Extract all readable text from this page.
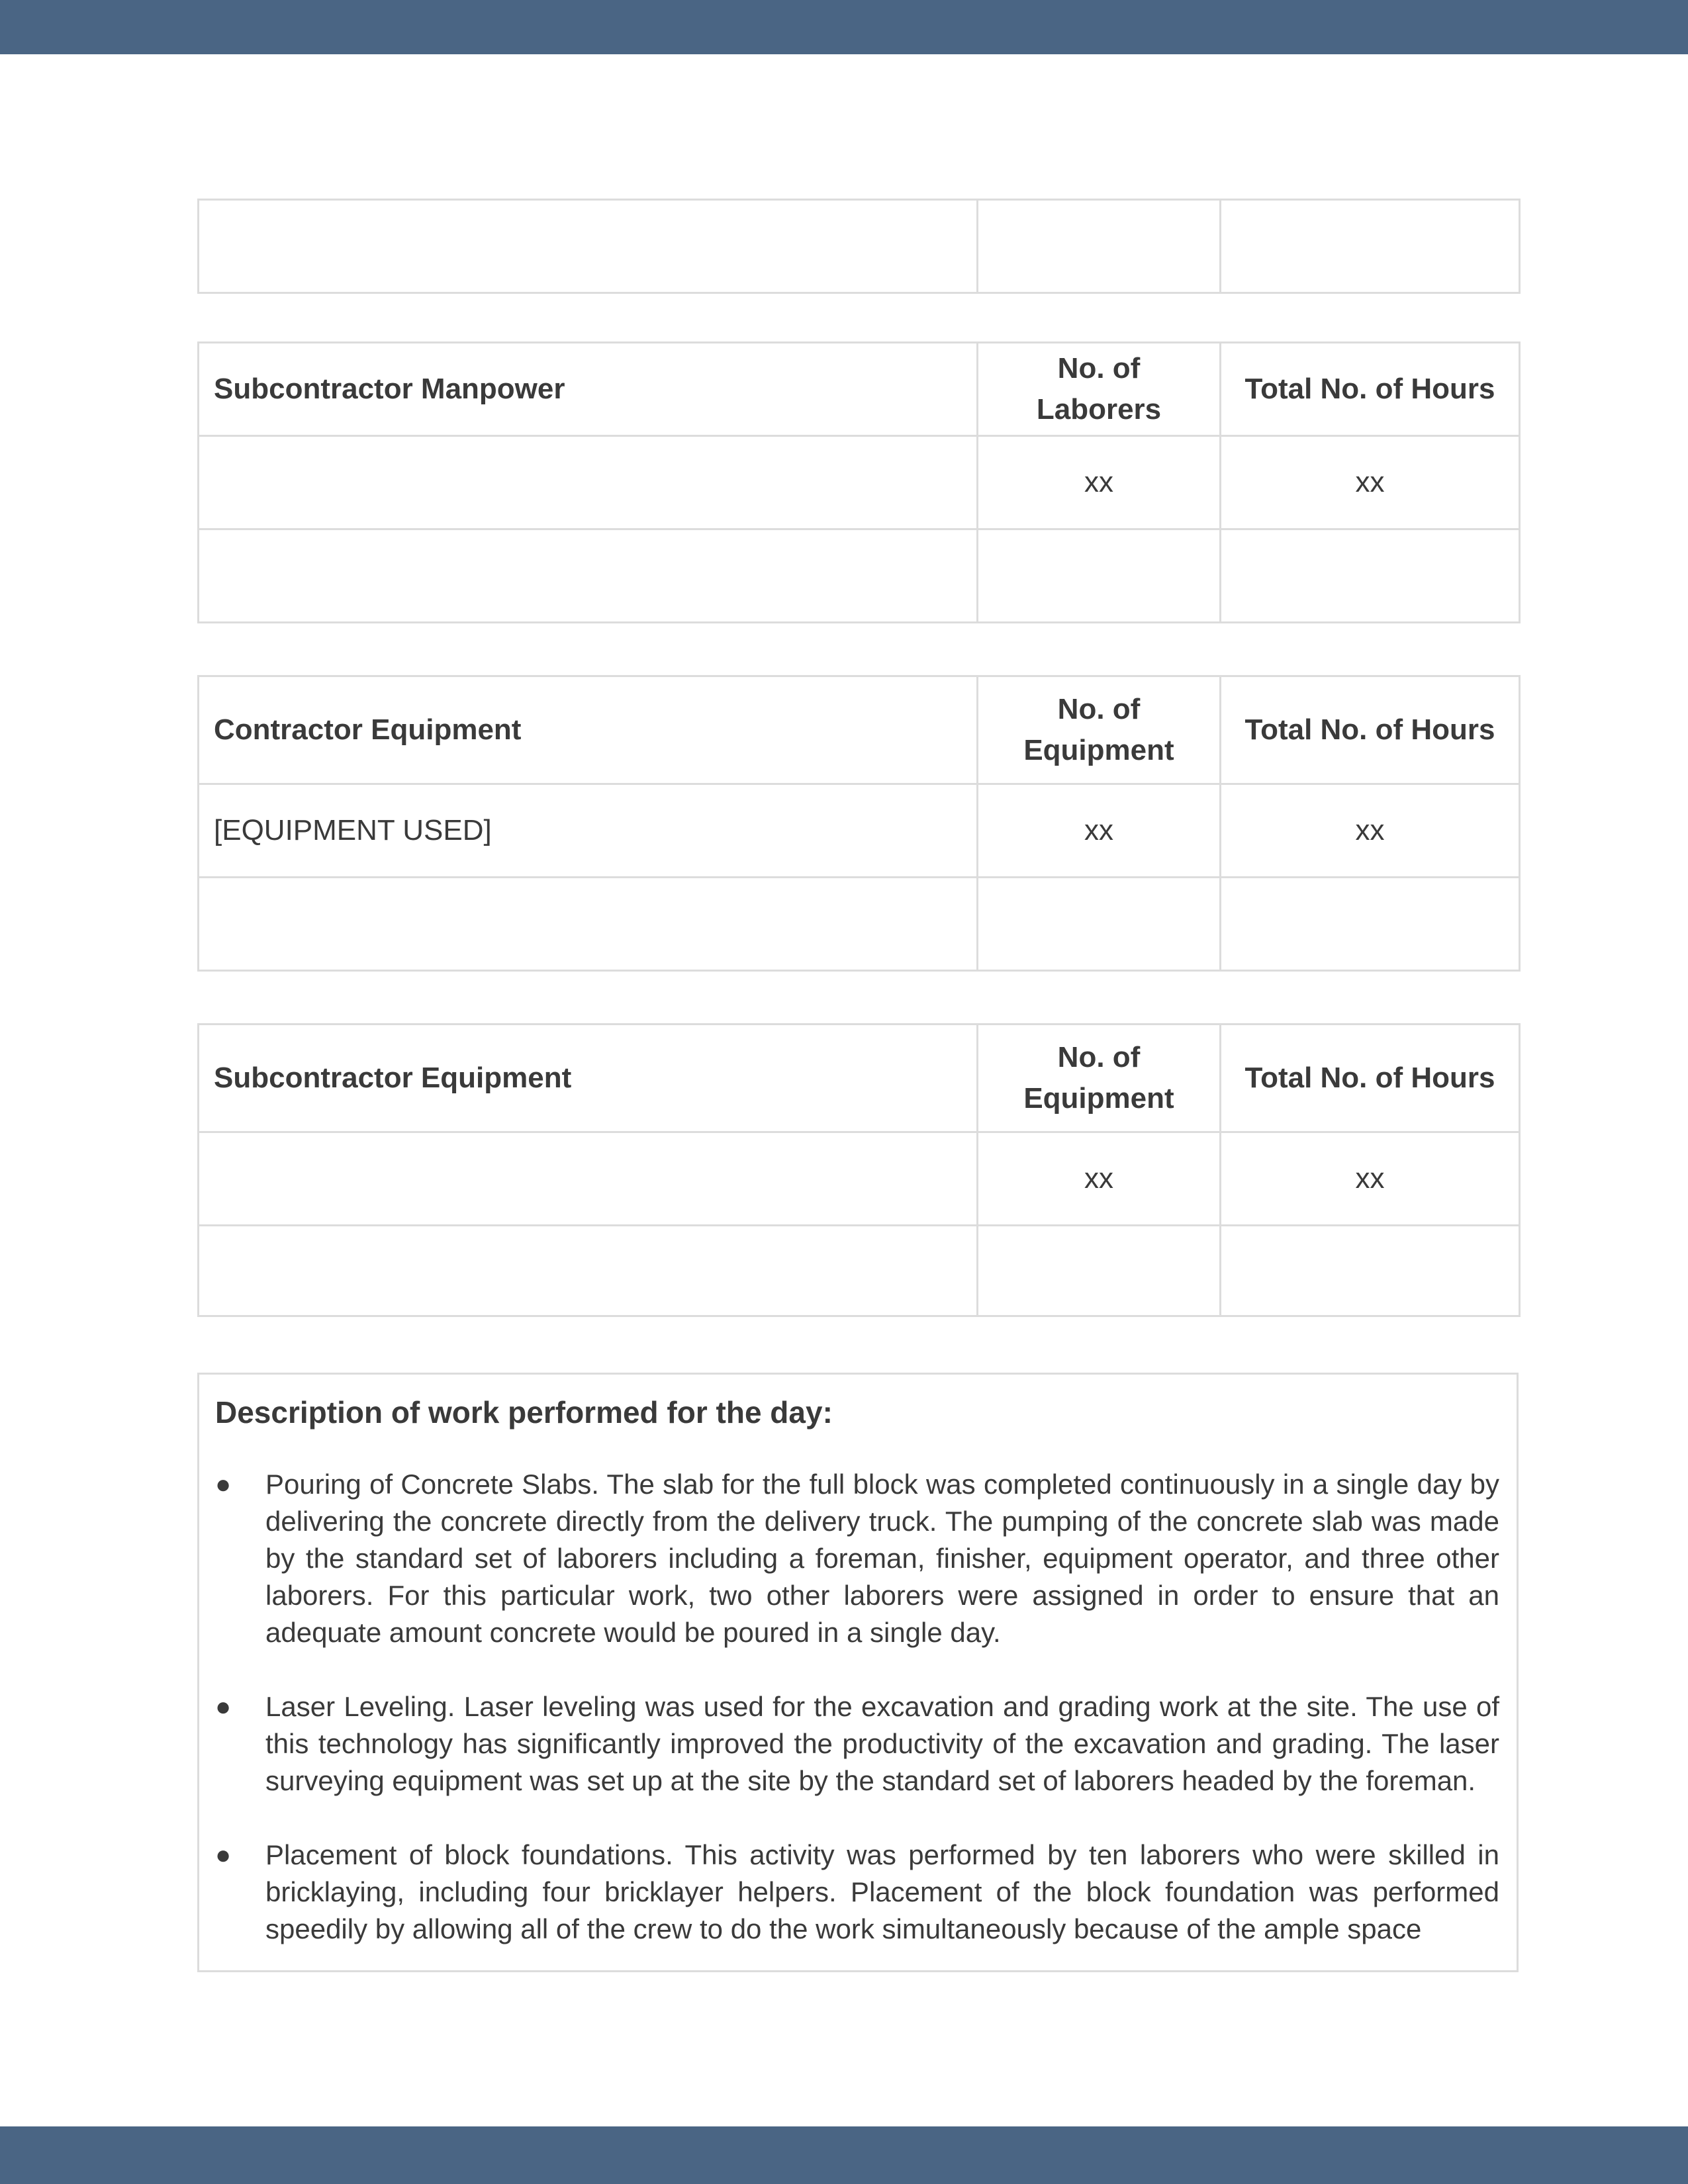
Subcontractor Manpower	No. of Laborers	Total No. of Hours
	xx	xx

Contractor Equipment	No. of Equipment	Total No. of Hours
[EQUIPMENT USED]	xx	xx

Subcontractor Equipment	No. of Equipment	Total No. of Hours
	xx	xx

Description of work performed for the day:

● Pouring of Concrete Slabs. The slab for the full block was completed continuously in a single day by delivering the concrete directly from the delivery truck. The pumping of the concrete slab was made by the standard set of laborers including a foreman, finisher, equipment operator, and three other laborers. For this particular work, two other laborers were assigned in order to ensure that an adequate amount concrete would be poured in a single day.
● Laser Leveling. Laser leveling was used for the excavation and grading work at the site. The use of this technology has significantly improved the productivity of the excavation and grading. The laser surveying equipment was set up at the site by the standard set of laborers headed by the foreman.
● Placement of block foundations. This activity was performed by ten laborers who were skilled in bricklaying, including four bricklayer helpers. Placement of the block foundation was performed speedily by allowing all of the crew to do the work simultaneously because of the ample space
